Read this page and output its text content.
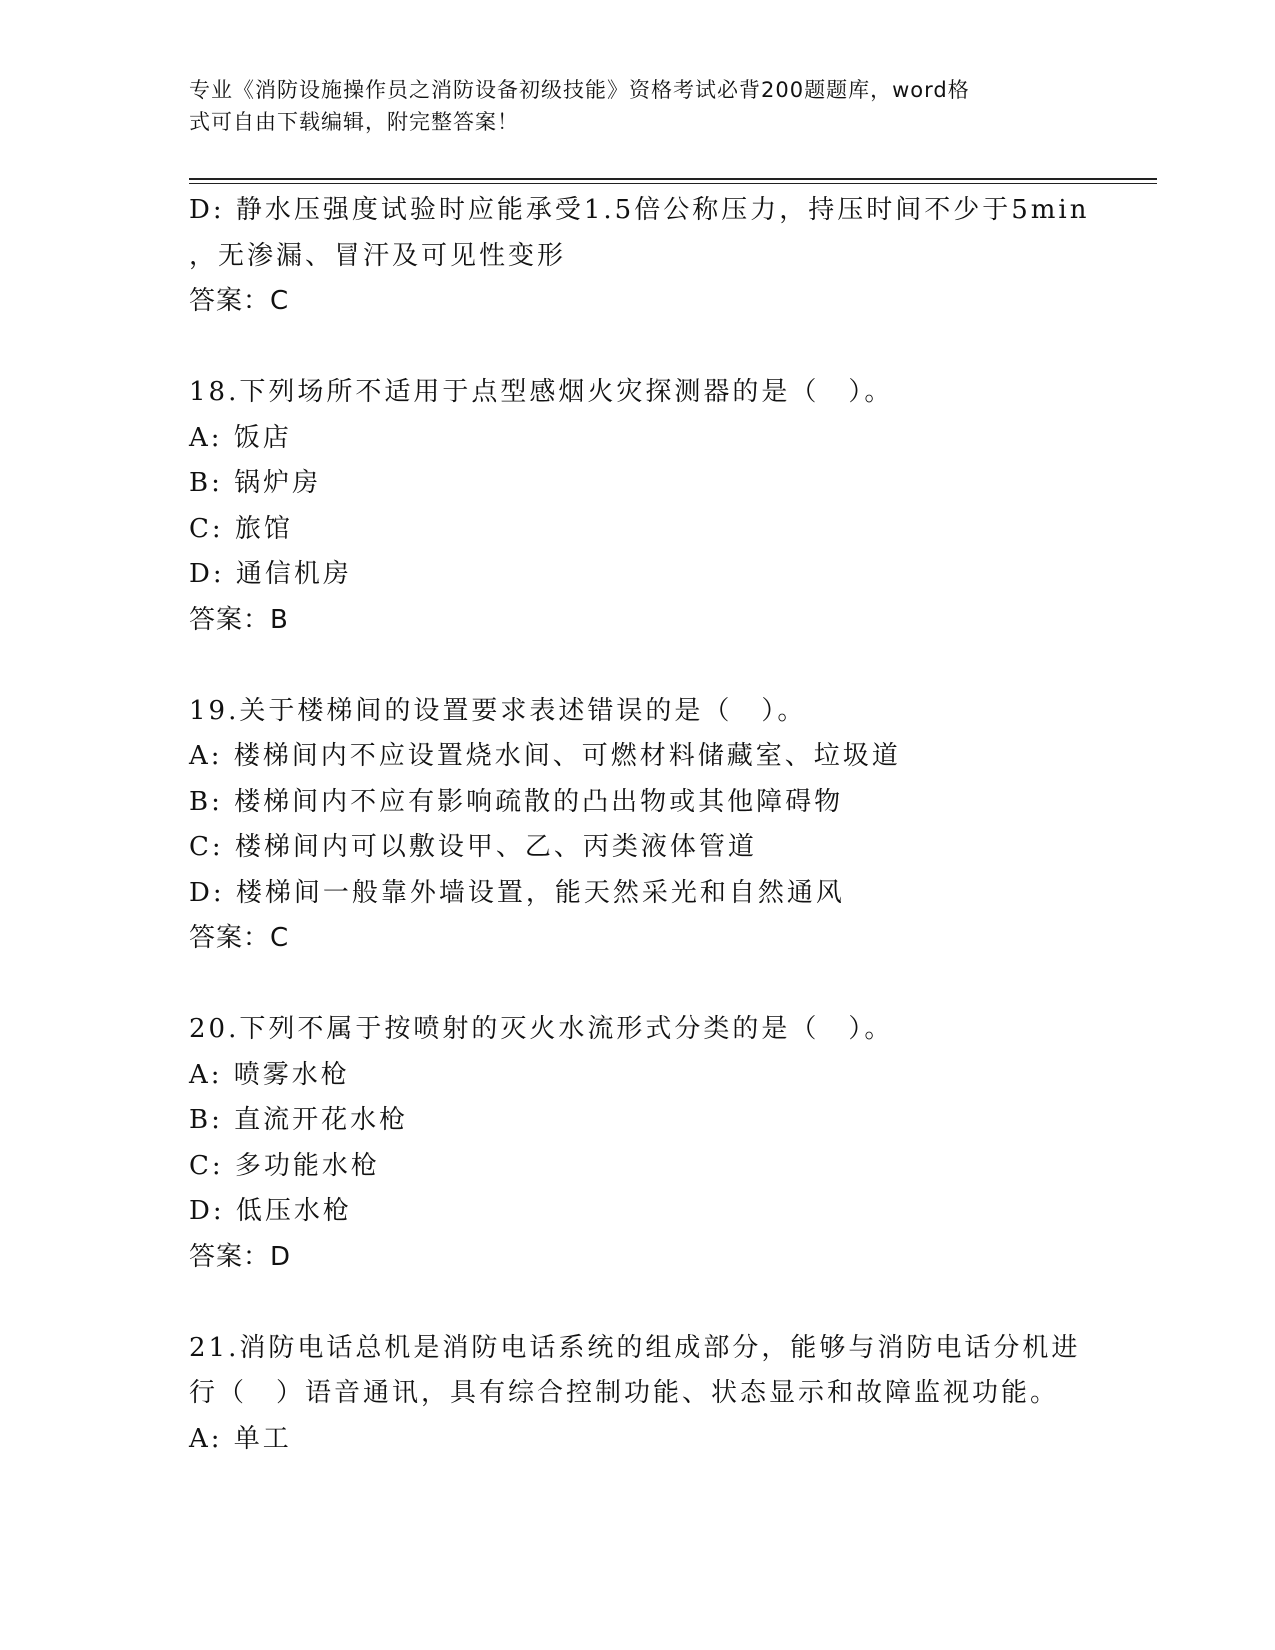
专业《消防设施操作员之消防设备初级技能》资格考试必背200题题库，word格
式可自由下载编辑，附完整答案！
D: 静水压强度试验时应能承受1.5倍公称压力，持压时间不少于5min
，无渗漏、冒汗及可见性变形
答案：C
18.下列场所不适用于点型感烟火灾探测器的是（　）。
A: 饭店
B: 锅炉房
C: 旅馆
D: 通信机房
答案：B
19.关于楼梯间的设置要求表述错误的是（　）。
A: 楼梯间内不应设置烧水间、可燃材料储藏室、垃圾道
B: 楼梯间内不应有影响疏散的凸出物或其他障碍物
C: 楼梯间内可以敷设甲、乙、丙类液体管道
D: 楼梯间一般靠外墙设置，能天然采光和自然通风
答案：C
20.下列不属于按喷射的灭火水流形式分类的是（　）。
A: 喷雾水枪
B: 直流开花水枪
C: 多功能水枪
D: 低压水枪
答案：D
21.消防电话总机是消防电话系统的组成部分，能够与消防电话分机进
行（　）语音通讯，具有综合控制功能、状态显示和故障监视功能。
A: 单工
